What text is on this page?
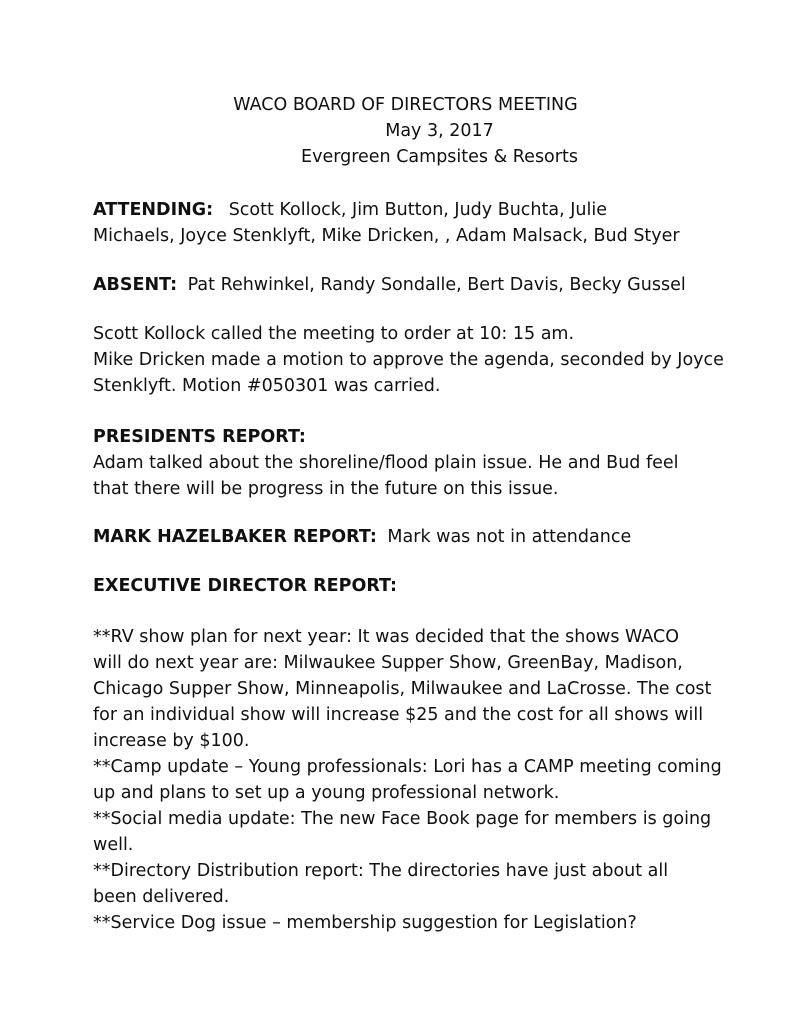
WACO BOARD OF DIRECTORS MEETING
May 3, 2017
Evergreen Campsites & Resorts
ATTENDING: Scott Kollock, Jim Button, Judy Buchta, Julie
Michaels, Joyce Stenklyft, Mike Dricken, , Adam Malsack, Bud Styer
ABSENT: Pat Rehwinkel, Randy Sondalle, Bert Davis, Becky Gussel
Scott Kollock called the meeting to order at 10: 15 am.
Mike Dricken made a motion to approve the agenda, seconded by Joyce
Stenklyft. Motion #050301 was carried.
PRESIDENTS REPORT:
Adam talked about the shoreline/flood plain issue. He and Bud feel
that there will be progress in the future on this issue.
MARK HAZELBAKER REPORT: Mark was not in attendance
EXECUTIVE DIRECTOR REPORT:
**RV show plan for next year: It was decided that the shows WACO
will do next year are: Milwaukee Supper Show, GreenBay, Madison,
Chicago Supper Show, Minneapolis, Milwaukee and LaCrosse. The cost
for an individual show will increase $25 and the cost for all shows will
increase by $100.
**Camp update – Young professionals: Lori has a CAMP meeting coming
up and plans to set up a young professional network.
**Social media update: The new Face Book page for members is going
well.
**Directory Distribution report: The directories have just about all
been delivered.
**Service Dog issue – membership suggestion for Legislation?
